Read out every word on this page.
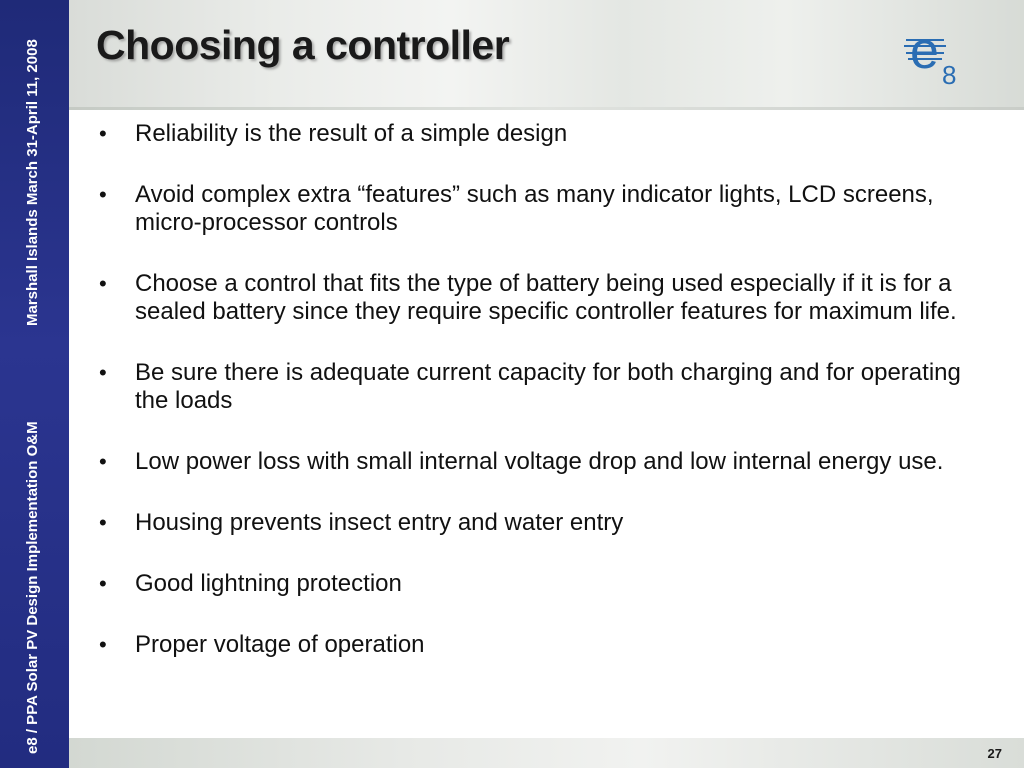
Marshall Islands March 31-April 11, 2008
e8 / PPA Solar PV Design Implementation O&M
Choosing a controller	e 8
• Reliability is the result of a simple design
• Avoid complex extra “features” such as many indicator lights, LCD screens, micro-processor controls
• Choose a control that fits the type of battery being used especially if it is for a sealed battery since they require specific controller features for maximum life.
• Be sure there is adequate current capacity for both charging and for operating the loads
• Low power loss with small internal voltage drop and low internal energy use.
• Housing prevents insect entry and water entry
• Good lightning protection
• Proper voltage of operation
27
